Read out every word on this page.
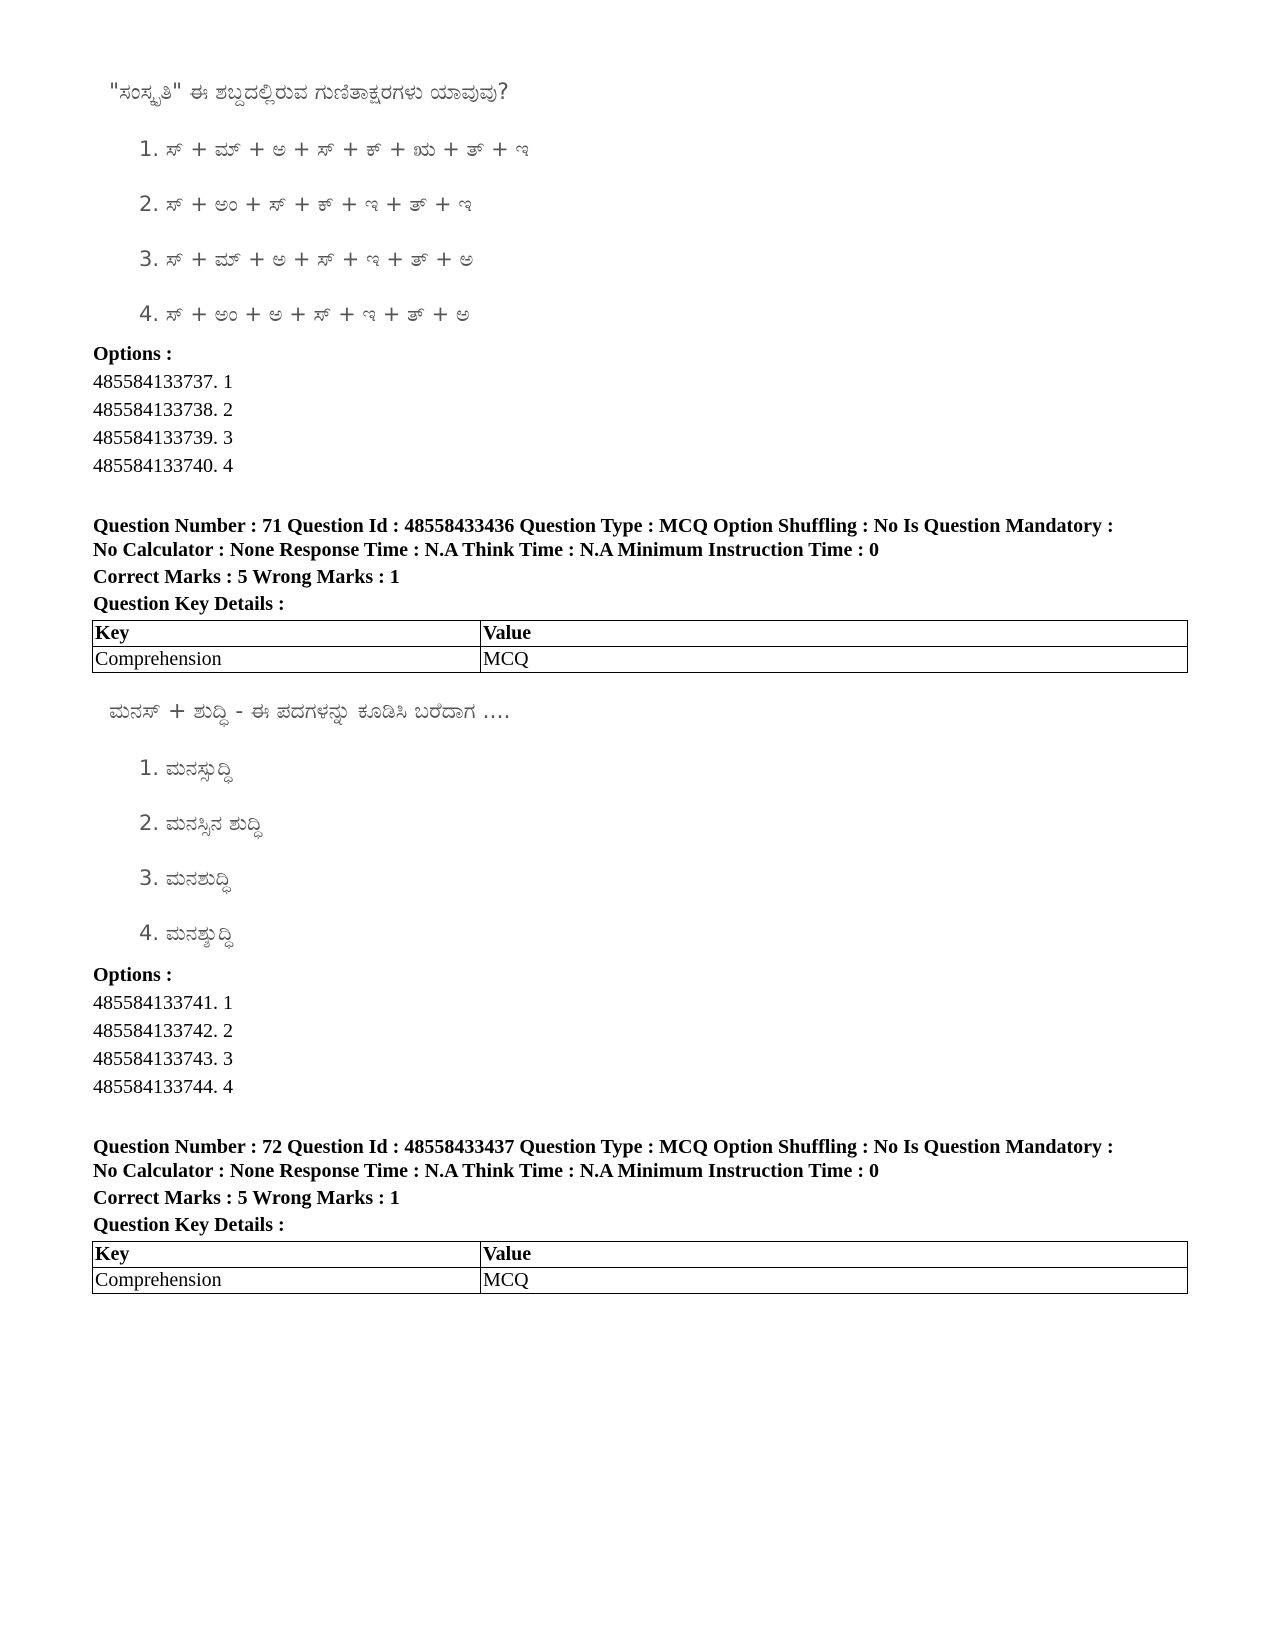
"ಸಂಸ್ಕೃತಿ" ಈ ಶಬ್ದದಲ್ಲಿರುವ ಗುಣಿತಾಕ್ಷರಗಳು ಯಾವುವು?
1. ಸ್ + ಮ್ + ಅ + ಸ್ + ಕ್ + ಋ + ತ್ + ಇ
2. ಸ್ + ಅಂ + ಸ್ + ಕ್ + ಇ + ತ್ + ಇ
3. ಸ್ + ಮ್ + ಅ + ಸ್ + ಇ + ತ್ + ಅ
4. ಸ್ + ಅಂ + ಅ + ಸ್ + ಇ + ತ್ + ಅ
Options :
485584133737. 1
485584133738. 2
485584133739. 3
485584133740. 4
Question Number : 71 Question Id : 48558433436 Question Type : MCQ Option Shuffling : No Is Question Mandatory :
No Calculator : None Response Time : N.A Think Time : N.A Minimum Instruction Time : 0
Correct Marks : 5 Wrong Marks : 1
Question Key Details :
Key	Value
Comprehension	MCQ
ಮನಸ್ + ಶುದ್ಧಿ - ಈ ಪದಗಳನ್ನು ಕೂಡಿಸಿ ಬರೆದಾಗ ....
1. ಮನಸ್ಸುದ್ಧಿ
2. ಮನಸ್ಸಿನ ಶುದ್ಧಿ
3. ಮನಶುದ್ಧಿ
4. ಮನಶ್ಶುದ್ಧಿ
Options :
485584133741. 1
485584133742. 2
485584133743. 3
485584133744. 4
Question Number : 72 Question Id : 48558433437 Question Type : MCQ Option Shuffling : No Is Question Mandatory :
No Calculator : None Response Time : N.A Think Time : N.A Minimum Instruction Time : 0
Correct Marks : 5 Wrong Marks : 1
Question Key Details :
Key	Value
Comprehension	MCQ
